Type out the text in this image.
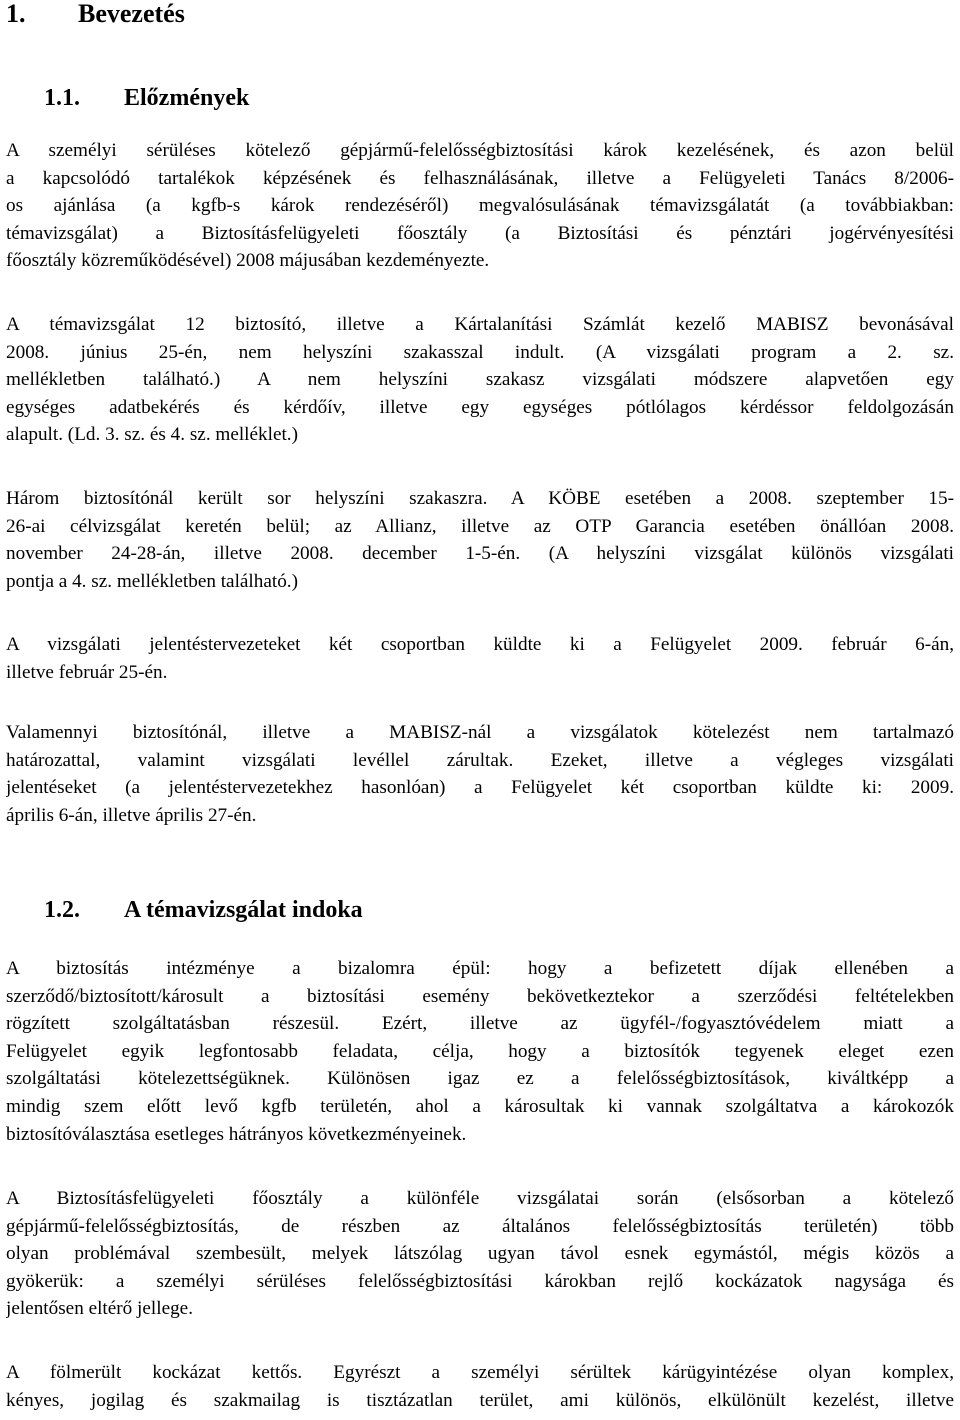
1. Bevezetés
1.1. Előzmények
A személyi sérüléses kötelező gépjármű-felelősségbiztosítási károk kezelésének, és azon belül
a kapcsolódó tartalékok képzésének és felhasználásának, illetve a Felügyeleti Tanács 8/2006-
os ajánlása (a kgfb-s károk rendezéséről) megvalósulásának témavizsgálatát (a továbbiakban:
témavizsgálat) a Biztosításfelügyeleti főosztály (a Biztosítási és pénztári jogérvényesítési
főosztály közreműködésével) 2008 májusában kezdeményezte.
A témavizsgálat 12 biztosító, illetve a Kártalanítási Számlát kezelő MABISZ bevonásával
2008. június 25-én, nem helyszíni szakasszal indult. (A vizsgálati program a 2. sz.
mellékletben található.) A nem helyszíni szakasz vizsgálati módszere alapvetően egy
egységes adatbekérés és kérdőív, illetve egy egységes pótlólagos kérdéssor feldolgozásán
alapult. (Ld. 3. sz. és 4. sz. melléklet.)
Három biztosítónál került sor helyszíni szakaszra. A KÖBE esetében a 2008. szeptember 15-
26-ai célvizsgálat keretén belül; az Allianz, illetve az OTP Garancia esetében önállóan 2008.
november 24-28-án, illetve 2008. december 1-5-én. (A helyszíni vizsgálat különös vizsgálati
pontja a 4. sz. mellékletben található.)
A vizsgálati jelentéstervezeteket két csoportban küldte ki a Felügyelet 2009. február 6-án,
illetve február 25-én.
Valamennyi biztosítónál, illetve a MABISZ-nál a vizsgálatok kötelezést nem tartalmazó
határozattal, valamint vizsgálati levéllel zárultak. Ezeket, illetve a végleges vizsgálati
jelentéseket (a jelentéstervezetekhez hasonlóan) a Felügyelet két csoportban küldte ki: 2009.
április 6-án, illetve április 27-én.
1.2. A témavizsgálat indoka
A biztosítás intézménye a bizalomra épül: hogy a befizetett díjak ellenében a
szerződő/biztosított/károsult a biztosítási esemény bekövetkeztekor a szerződési feltételekben
rögzített szolgáltatásban részesül. Ezért, illetve az ügyfél-/fogyasztóvédelem miatt a
Felügyelet egyik legfontosabb feladata, célja, hogy a biztosítók tegyenek eleget ezen
szolgáltatási kötelezettségüknek. Különösen igaz ez a felelősségbiztosítások, kiváltképp a
mindig szem előtt levő kgfb területén, ahol a károsultak ki vannak szolgáltatva a károkozók
biztosítóválasztása esetleges hátrányos következményeinek.
A Biztosításfelügyeleti főosztály a különféle vizsgálatai során (elsősorban a kötelező
gépjármű-felelősségbiztosítás, de részben az általános felelősségbiztosítás területén) több
olyan problémával szembesült, melyek látszólag ugyan távol esnek egymástól, mégis közös a
gyökerük: a személyi sérüléses felelősségbiztosítási károkban rejlő kockázatok nagysága és
jelentősen eltérő jellege.
A fölmerült kockázat kettős. Egyrészt a személyi sérültek kárügyintézése olyan komplex,
kényes, jogilag és szakmailag is tisztázatlan terület, ami különös, elkülönült kezelést, illetve
